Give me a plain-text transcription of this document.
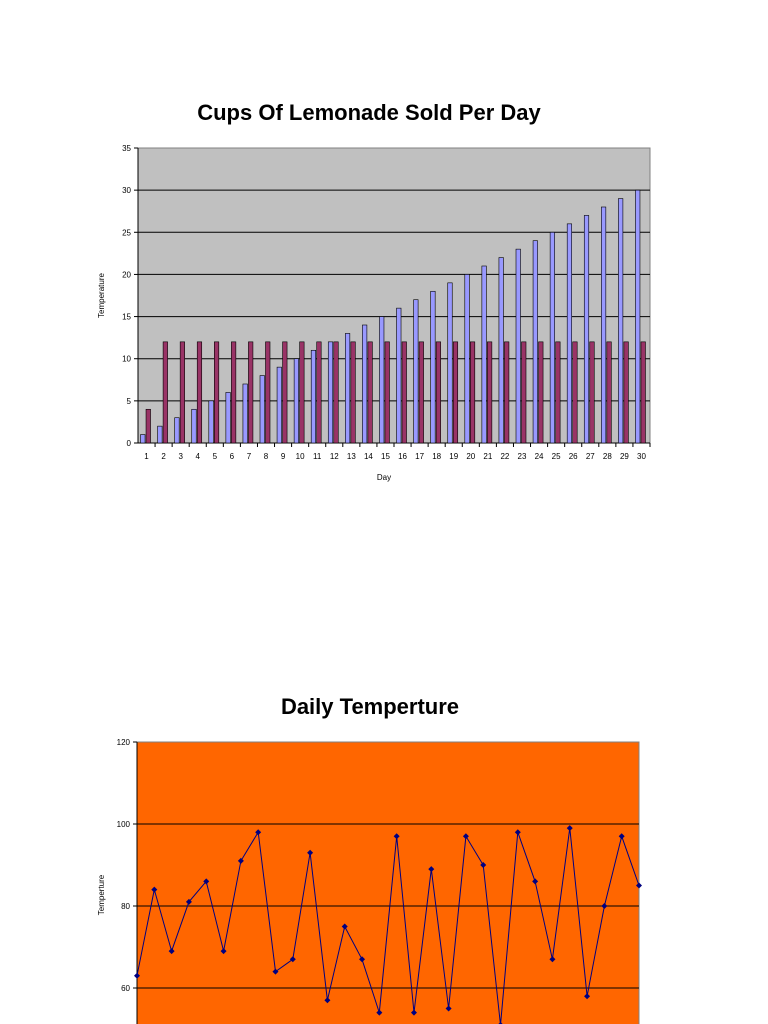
Cups Of Lemonade Sold Per Day
0
5
10
15
20
25
30
35
1 2 3 4 5 6 7 8 9 10 11 12 13 14 15 16 17 18 19 20 21 22 23 24 25 26 27 28 29 30
Day
Temperature
Daily Temperture
60
80
100
120
Temperture
